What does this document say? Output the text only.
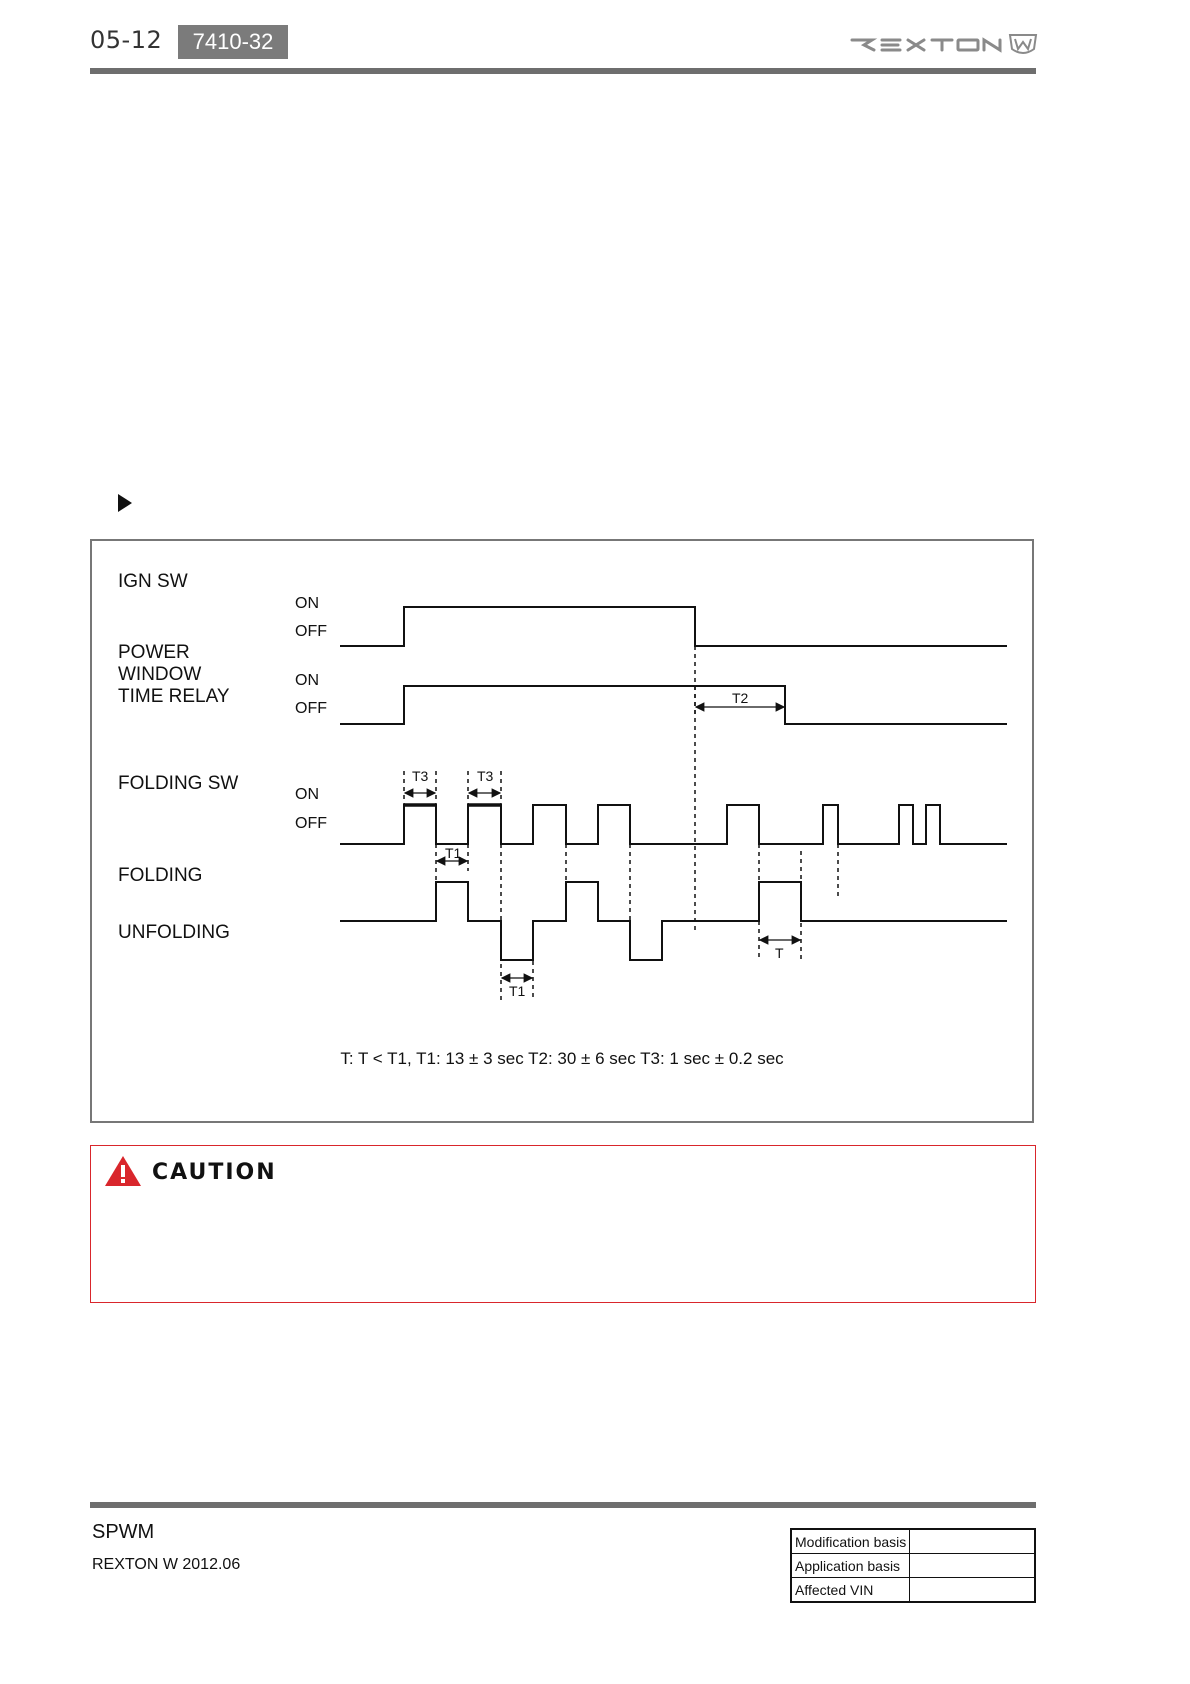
05-12	7410-32
IGN SW
POWER
WINDOW
TIME RELAY
FOLDING SW
FOLDING
UNFOLDING
ON
OFF
ON
OFF
ON
OFF
T3	T3
T1
T1
T2
T
T: T < T1, T1: 13 ± 3 sec T2: 30 ± 6 sec T3: 1 sec ± 0.2 sec
CAUTION
SPWM
REXTON W 2012.06
Modification basis	
Application basis	
Affected VIN	
